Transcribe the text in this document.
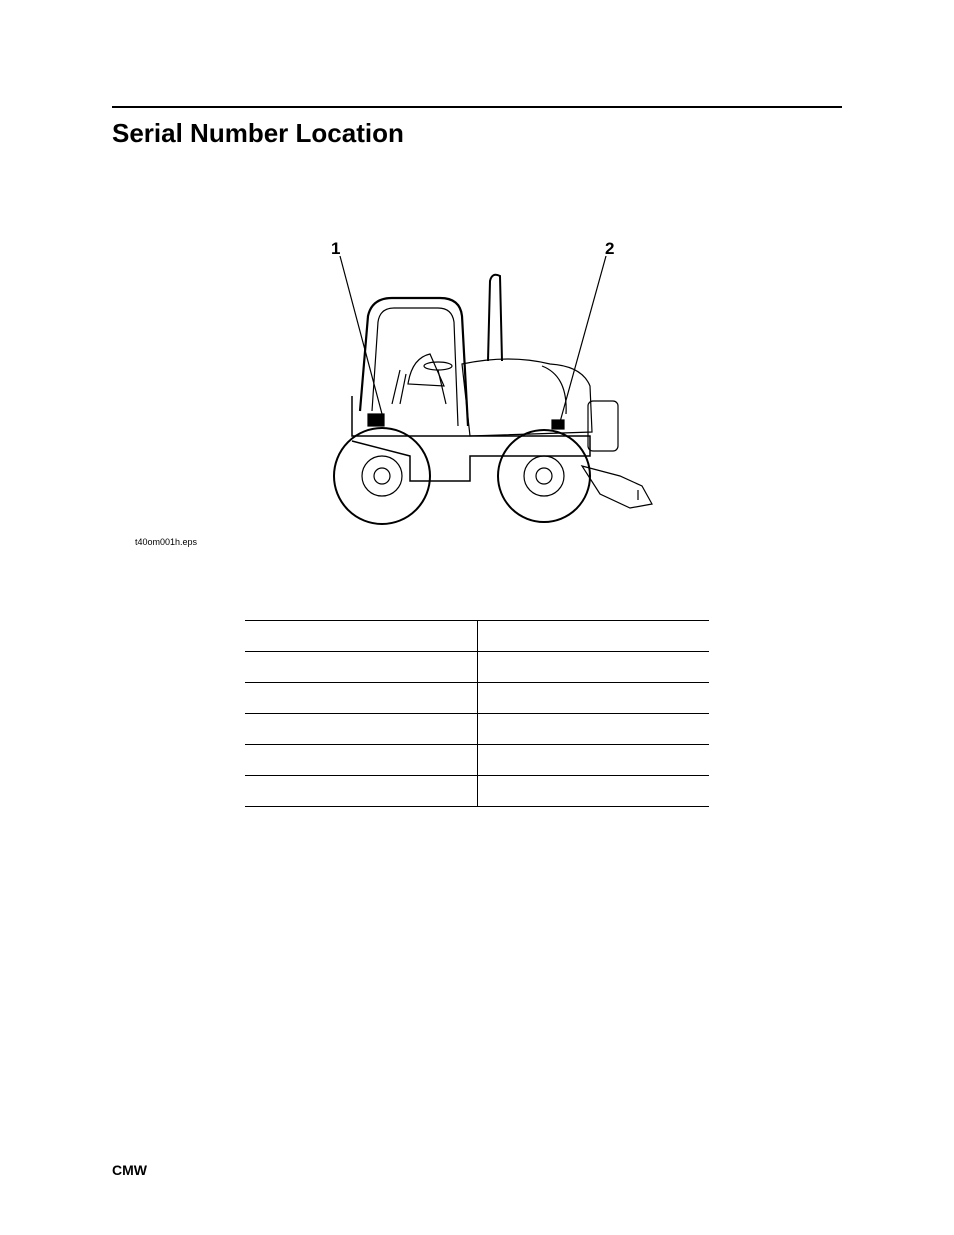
Serial Number Location
1	2
t40om001h.eps

CMW
